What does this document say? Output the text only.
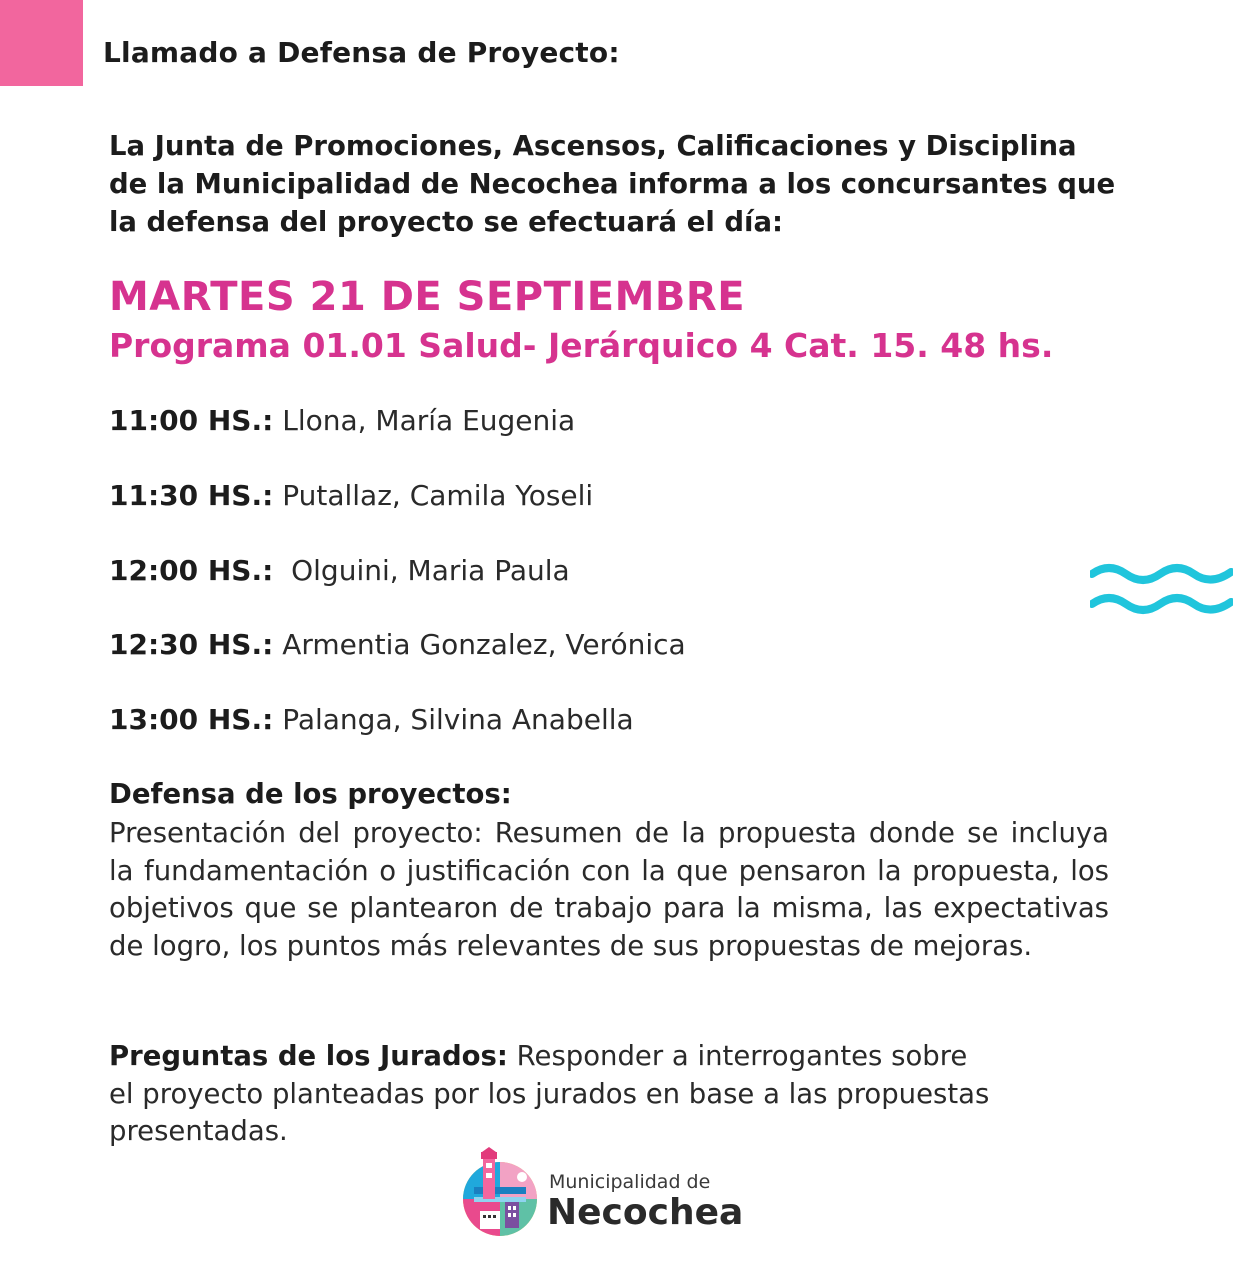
Llamado a Defensa de Proyecto:
La Junta de Promociones, Ascensos, Calificaciones y Disciplina
de la Municipalidad de Necochea informa a los concursantes que
la defensa del proyecto se efectuará el día:
MARTES 21 DE SEPTIEMBRE
Programa 01.01 Salud- Jerárquico 4 Cat. 15. 48 hs.
11:00 HS.: Llona, María Eugenia
11:30 HS.: Putallaz, Camila Yoseli
12:00 HS.:  Olguini, Maria Paula
12:30 HS.: Armentia Gonzalez, Verónica
13:00 HS.: Palanga, Silvina Anabella
Defensa de los proyectos:
Presentación del proyecto: Resumen de la propuesta donde se incluya la fundamentación o justificación con la que pensaron la propuesta, los objetivos que se plantearon de trabajo para la misma, las expectativas de logro, los puntos más relevantes de sus propuestas de mejoras.
Preguntas de los Jurados: Responder a interrogantes sobre
el proyecto planteadas por los jurados en base a las propuestas
presentadas.
Municipalidad de
Necochea
